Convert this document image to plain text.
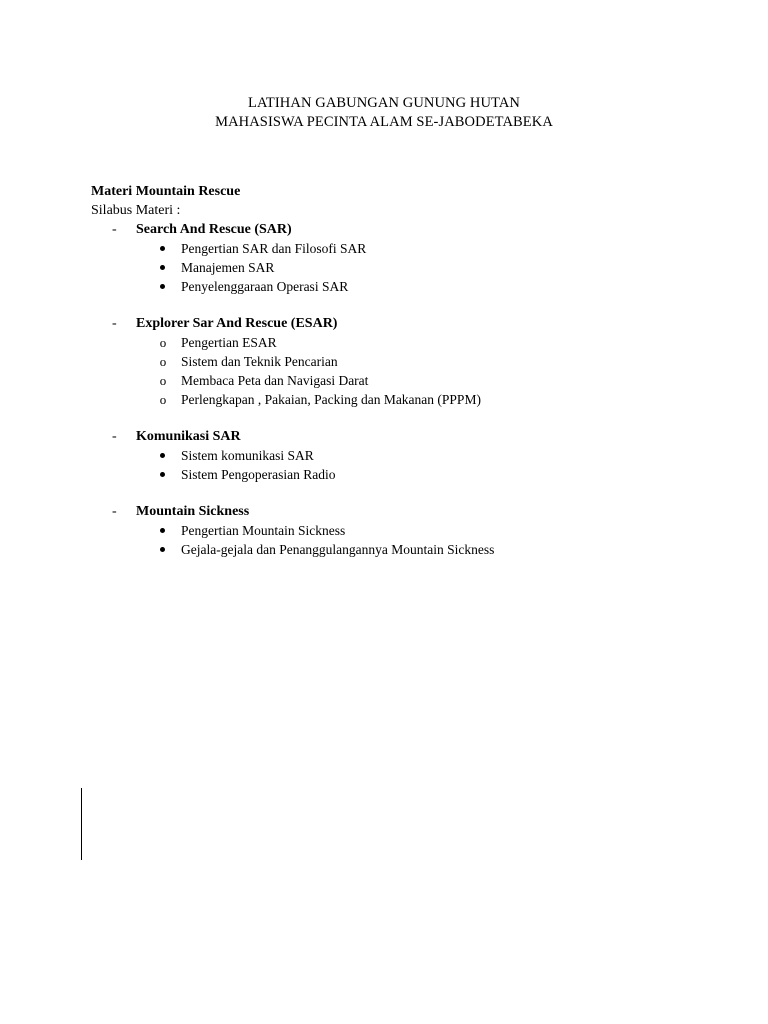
LATIHAN GABUNGAN GUNUNG HUTAN
MAHASISWA PECINTA ALAM SE-JABODETABEKA
Materi Mountain Rescue
Silabus Materi :
- Search And Rescue (SAR)
Pengertian SAR dan Filosofi SAR
Manajemen SAR
Penyelenggaraan Operasi SAR
- Explorer Sar And Rescue (ESAR)
o Pengertian ESAR
o Sistem dan Teknik Pencarian
o Membaca Peta dan Navigasi Darat
o Perlengkapan , Pakaian, Packing dan Makanan (PPPM)
- Komunikasi SAR
Sistem komunikasi SAR
Sistem Pengoperasian Radio
- Mountain Sickness
Pengertian Mountain Sickness
Gejala-gejala dan Penanggulangannya Mountain Sickness
